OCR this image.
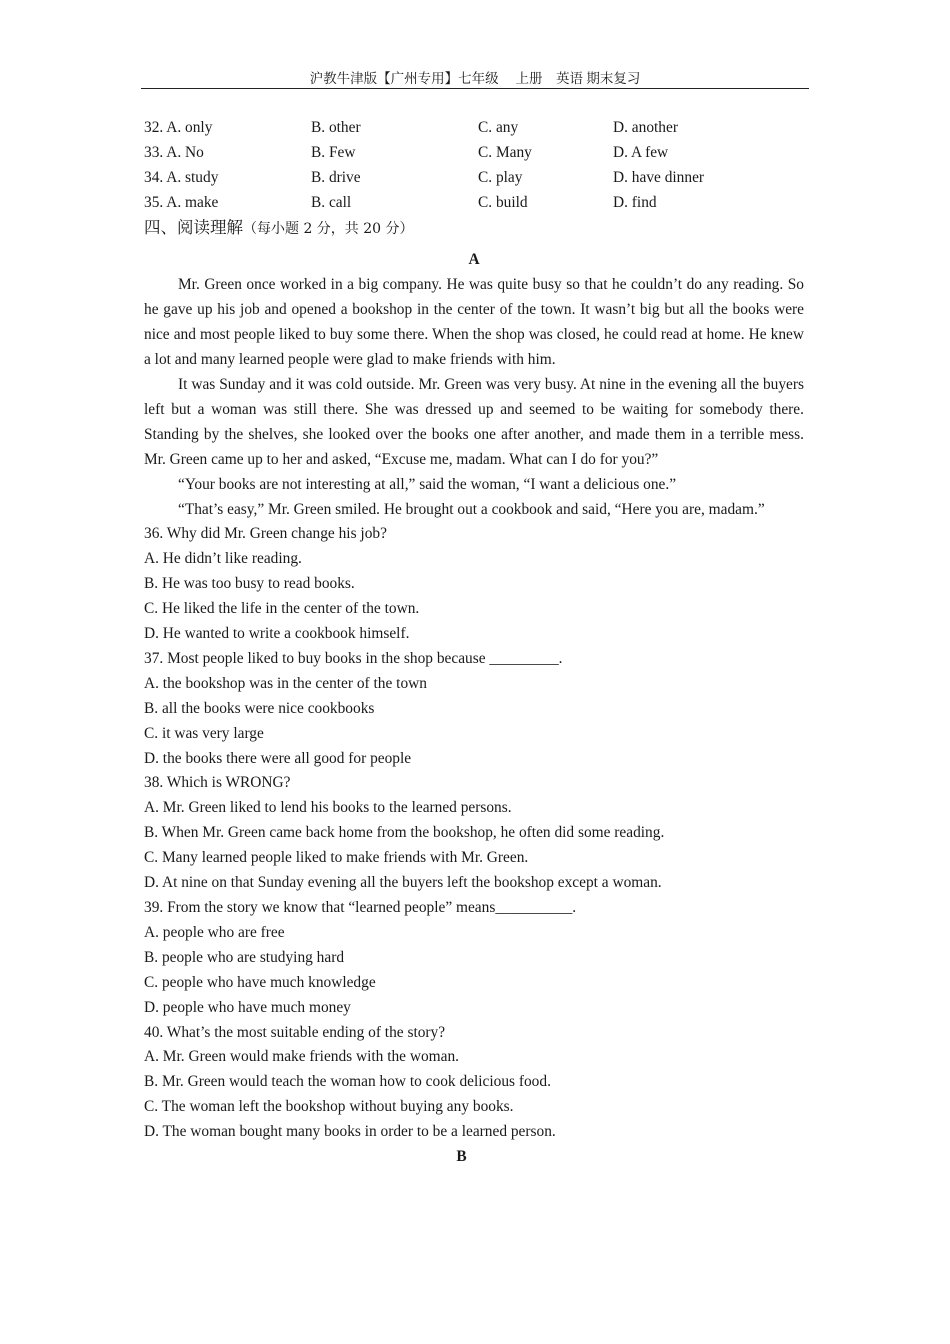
沪教牛津版【广州专用】七年级　 上册　英语 期末复习
32. A. only	B. other	C. any	D. another
33. A. No	B. Few	C. Many	D. A few
34. A. study	B. drive	C. play	D. have dinner
35. A. make	B. call	C. build	D. find
四、阅读理解（每小题 2 分，共 20 分）
A

Mr. Green once worked in a big company. He was quite busy so that he couldn’t do any reading. So he gave up his job and opened a bookshop in the center of the town. It wasn’t big but all the books were nice and most people liked to buy some there. When the shop was closed, he could read at home. He knew a lot and many learned people were glad to make friends with him.

It was Sunday and it was cold outside. Mr. Green was very busy. At nine in the evening all the buyers left but a woman was still there. She was dressed up and seemed to be waiting for somebody there. Standing by the shelves, she looked over the books one after another, and made them in a terrible mess. Mr. Green came up to her and asked, “Excuse me, madam. What can I do for you?”

“Your books are not interesting at all,” said the woman, “I want a delicious one.”

“That’s easy,” Mr. Green smiled. He brought out a cookbook and said, “Here you are, madam.”

36. Why did Mr. Green change his job?
A. He didn’t like reading.
B. He was too busy to read books.
C. He liked the life in the center of the town.
D. He wanted to write a cookbook himself.
37. Most people liked to buy books in the shop because _________.
A. the bookshop was in the center of the town
B. all the books were nice cookbooks
C. it was very large
D. the books there were all good for people
38. Which is WRONG?
A. Mr. Green liked to lend his books to the learned persons.
B. When Mr. Green came back home from the bookshop, he often did some reading.
C. Many learned people liked to make friends with Mr. Green.
D. At nine on that Sunday evening all the buyers left the bookshop except a woman.
39. From the story we know that “learned people” means__________.
A. people who are free
B. people who are studying hard
C. people who have much knowledge
D. people who have much money
40. What’s the most suitable ending of the story?
A. Mr. Green would make friends with the woman.
B. Mr. Green would teach the woman how to cook delicious food.
C. The woman left the bookshop without buying any books.
D. The woman bought many books in order to be a learned person.
B
